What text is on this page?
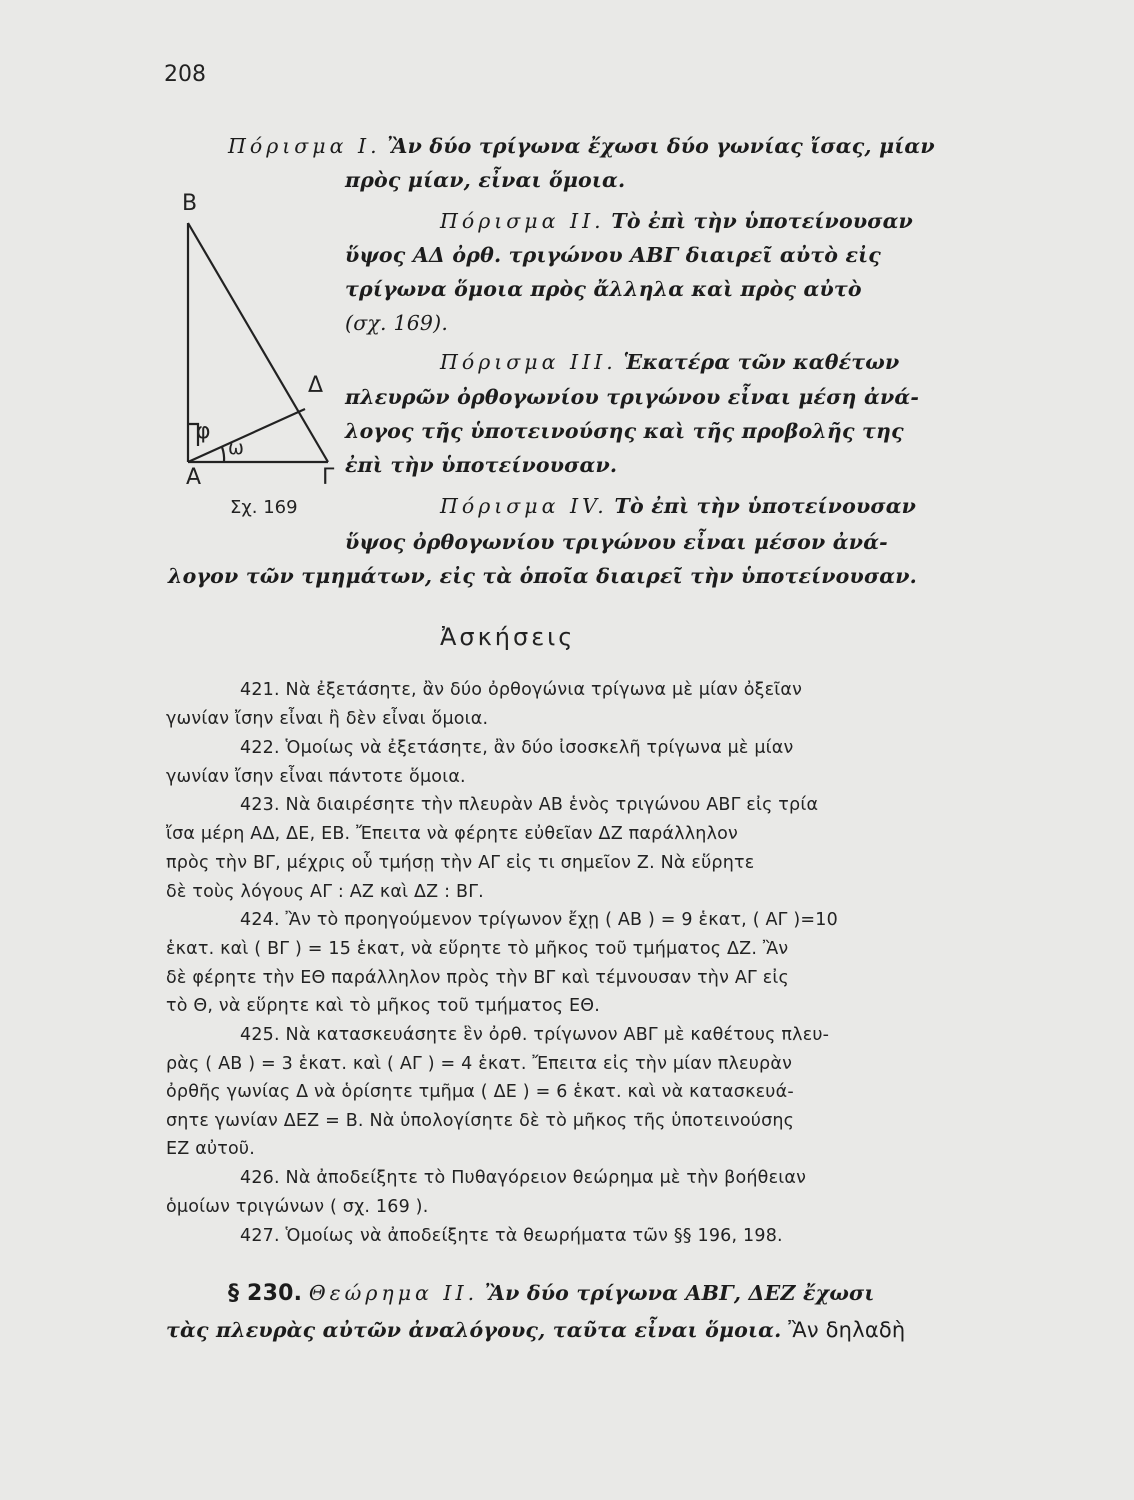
208
B
Δ
φ
ω
A	Γ
Σχ. 169
Πόρισμα Ι. Ἂν δύο τρίγωνα ἔχωσι δύο γωνίας ἴσας, μίαν
πρὸς μίαν, εἶναι ὅμοια.
Πόρισμα ΙΙ. Τὸ ἐπὶ τὴν ὑποτείνουσαν
ὕψος ΑΔ ὀρθ. τριγώνου ΑΒΓ διαιρεῖ αὐτὸ εἰς
τρίγωνα ὅμοια πρὸς ἄλληλα καὶ πρὸς αὐτὸ
(σχ. 169).
Πόρισμα ΙΙΙ. Ἑκατέρα τῶν καθέτων
πλευρῶν ὀρθογωνίου τριγώνου εἶναι μέση ἀνά-
λογος τῆς ὑποτεινούσης καὶ τῆς προβολῆς της
ἐπὶ τὴν ὑποτείνουσαν.
Πόρισμα ΙV. Τὸ ἐπὶ τὴν ὑποτείνουσαν
ὕψος ὀρθογωνίου τριγώνου εἶναι μέσον ἀνά-
λογον τῶν τμημάτων, εἰς τὰ ὁποῖα διαιρεῖ τὴν ὑποτείνουσαν.
Ἀσκήσεις
421. Νὰ ἐξετάσητε, ἂν δύο ὀρθογώνια τρίγωνα μὲ μίαν ὀξεῖαν
γωνίαν ἴσην εἶναι ἢ δὲν εἶναι ὅμοια.
422. Ὁμοίως νὰ ἐξετάσητε, ἂν δύο ἰσοσκελῆ τρίγωνα μὲ μίαν
γωνίαν ἴσην εἶναι πάντοτε ὅμοια.
423. Νὰ διαιρέσητε τὴν πλευρὰν ΑΒ ἑνὸς τριγώνου ΑΒΓ εἰς τρία
ἴσα μέρη ΑΔ, ΔΕ, ΕΒ. Ἔπειτα νὰ φέρητε εὐθεῖαν ΔΖ παράλληλον
πρὸς τὴν ΒΓ, μέχρις οὗ τμήσῃ τὴν ΑΓ εἰς τι σημεῖον Ζ. Νὰ εὕρητε
δὲ τοὺς λόγους ΑΓ : ΑΖ καὶ ΔΖ : ΒΓ.
424. Ἂν τὸ προηγούμενον τρίγωνον ἔχῃ ( ΑΒ ) = 9 ἑκατ, ( ΑΓ )=10
ἑκατ. καὶ ( ΒΓ ) = 15 ἑκατ, νὰ εὕρητε τὸ μῆκος τοῦ τμήματος ΔΖ. Ἂν
δὲ φέρητε τὴν ΕΘ παράλληλον πρὸς τὴν ΒΓ καὶ τέμνουσαν τὴν ΑΓ εἰς
τὸ Θ, νὰ εὕρητε καὶ τὸ μῆκος τοῦ τμήματος ΕΘ.
425. Νὰ κατασκευάσητε ἓν ὀρθ. τρίγωνον ΑΒΓ μὲ καθέτους πλευ-
ρὰς ( ΑΒ ) = 3 ἑκατ. καὶ ( ΑΓ ) = 4 ἑκατ. Ἔπειτα εἰς τὴν μίαν πλευρὰν
ὀρθῆς γωνίας Δ νὰ ὁρίσητε τμῆμα ( ΔΕ ) = 6 ἑκατ. καὶ νὰ κατασκευά-
σητε γωνίαν ΔΕΖ = Β. Νὰ ὑπολογίσητε δὲ τὸ μῆκος τῆς ὑποτεινούσης
ΕΖ αὐτοῦ.
426. Νὰ ἀποδείξητε τὸ Πυθαγόρειον θεώρημα μὲ τὴν βοήθειαν
ὁμοίων τριγώνων ( σχ. 169 ).
427. Ὁμοίως νὰ ἀποδείξητε τὰ θεωρήματα τῶν §§ 196, 198.
§ 230. Θεώρημα ΙΙ. Ἂν δύο τρίγωνα ΑΒΓ, ΔΕΖ ἔχωσι
τὰς πλευρὰς αὐτῶν ἀναλόγους, ταῦτα εἶναι ὅμοια. Ἂν δηλαδὴ
